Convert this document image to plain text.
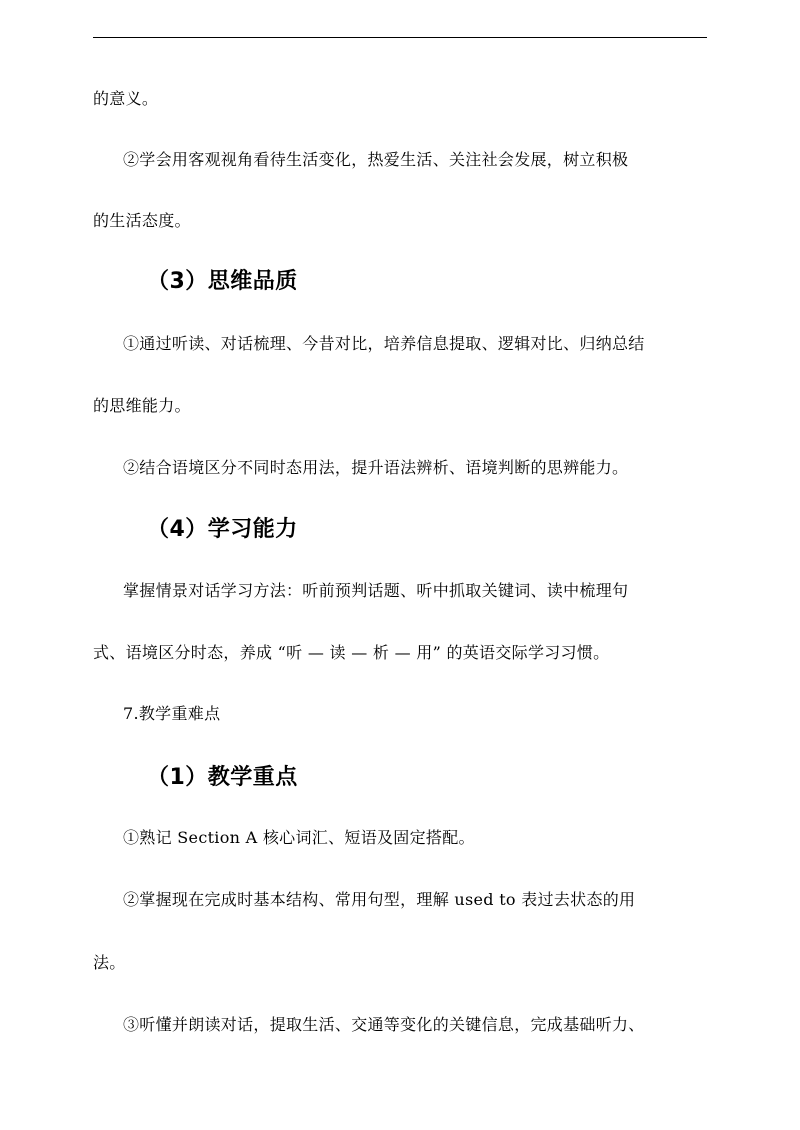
的意义。
②学会用客观视角看待生活变化，热爱生活、关注社会发展，树立积极
的生活态度。
（3）思维品质
①通过听读、对话梳理、今昔对比，培养信息提取、逻辑对比、归纳总结
的思维能力。
②结合语境区分不同时态用法，提升语法辨析、语境判断的思辨能力。
（4）学习能力
掌握情景对话学习方法：听前预判话题、听中抓取关键词、读中梳理句
式、语境区分时态，养成 “听 — 读 — 析 — 用” 的英语交际学习习惯。
7.教学重难点
（1）教学重点
①熟记 Section A 核心词汇、短语及固定搭配。
②掌握现在完成时基本结构、常用句型，理解 used to 表过去状态的用
法。
③听懂并朗读对话，提取生活、交通等变化的关键信息，完成基础听力、
